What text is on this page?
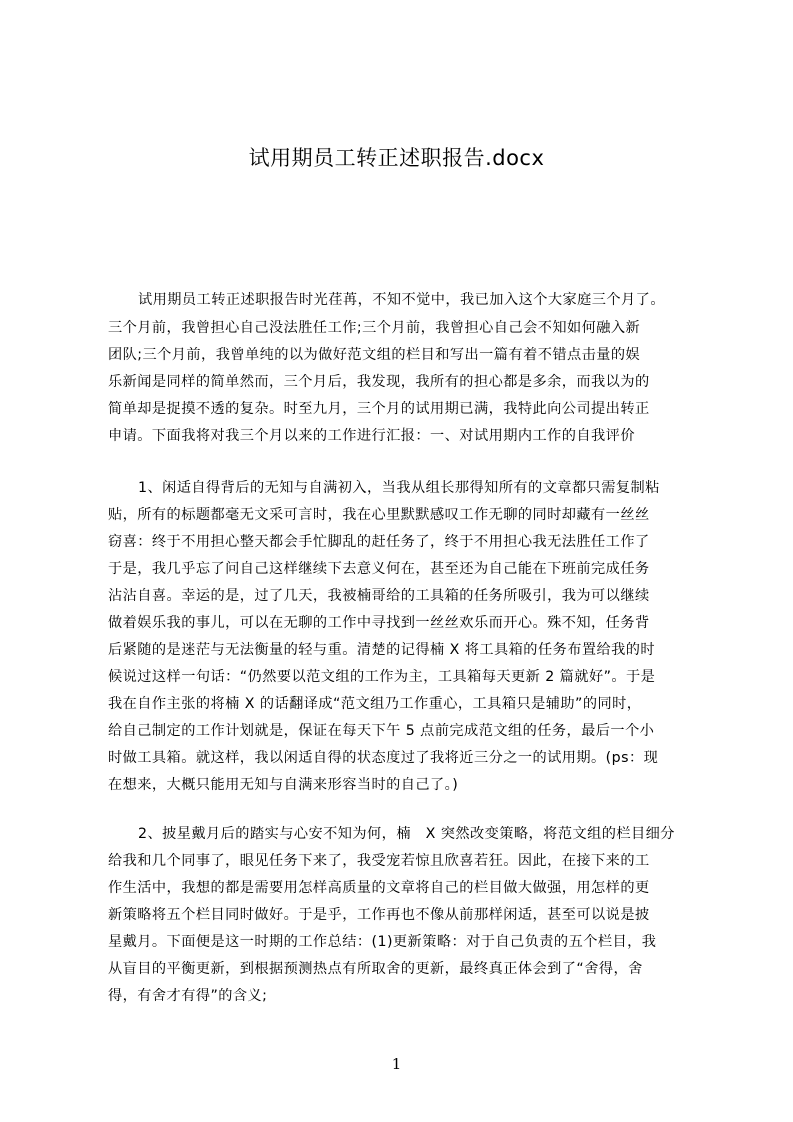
试用期员工转正述职报告.docx
试用期员工转正述职报告时光荏苒，不知不觉中，我已加入这个大家庭三个月了。
三个月前，我曾担心自己没法胜任工作;三个月前，我曾担心自己会不知如何融入新
团队;三个月前，我曾单纯的以为做好范文组的栏目和写出一篇有着不错点击量的娱
乐新闻是同样的简单然而，三个月后，我发现，我所有的担心都是多余，而我以为的
简单却是捉摸不透的复杂。时至九月，三个月的试用期已满，我特此向公司提出转正
申请。下面我将对我三个月以来的工作进行汇报：一、对试用期内工作的自我评价
1、闲适自得背后的无知与自满初入，当我从组长那得知所有的文章都只需复制粘
贴，所有的标题都毫无文采可言时，我在心里默默感叹工作无聊的同时却藏有一丝丝
窃喜：终于不用担心整天都会手忙脚乱的赶任务了，终于不用担心我无法胜任工作了
于是，我几乎忘了问自己这样继续下去意义何在，甚至还为自己能在下班前完成任务
沾沾自喜。幸运的是，过了几天，我被楠哥给的工具箱的任务所吸引，我为可以继续
做着娱乐我的事儿，可以在无聊的工作中寻找到一丝丝欢乐而开心。殊不知，任务背
后紧随的是迷茫与无法衡量的轻与重。清楚的记得楠 X 将工具箱的任务布置给我的时
候说过这样一句话：“仍然要以范文组的工作为主，工具箱每天更新 2 篇就好”。于是
我在自作主张的将楠 X 的话翻译成“范文组乃工作重心，工具箱只是辅助”的同时，
给自己制定的工作计划就是，保证在每天下午 5 点前完成范文组的任务，最后一个小
时做工具箱。就这样，我以闲适自得的状态度过了我将近三分之一的试用期。(ps：现
在想来，大概只能用无知与自满来形容当时的自己了。)
2、披星戴月后的踏实与心安不知为何，楠　X 突然改变策略，将范文组的栏目细分
给我和几个同事了，眼见任务下来了，我受宠若惊且欣喜若狂。因此，在接下来的工
作生活中，我想的都是需要用怎样高质量的文章将自己的栏目做大做强，用怎样的更
新策略将五个栏目同时做好。于是乎，工作再也不像从前那样闲适，甚至可以说是披
星戴月。下面便是这一时期的工作总结：(1)更新策略：对于自己负责的五个栏目，我
从盲目的平衡更新，到根据预测热点有所取舍的更新，最终真正体会到了“舍得，舍
得，有舍才有得”的含义;
1
